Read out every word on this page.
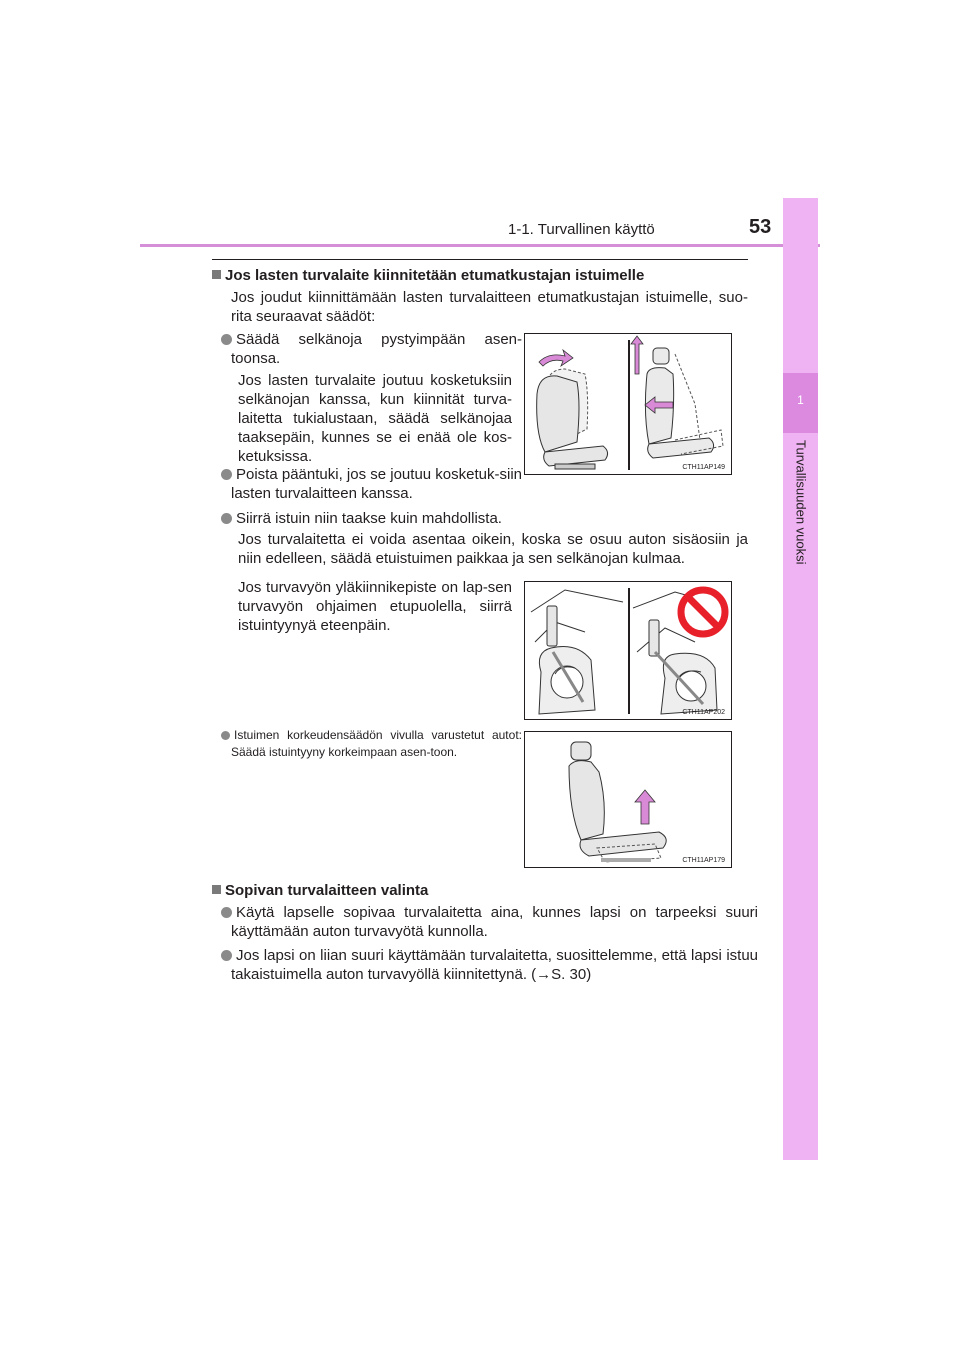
1-1. Turvallinen käyttö	53
1
Turvallisuuden vuoksi
Jos lasten turvalaite kiinnitetään etumatkustajan istuimelle
Jos joudut kiinnittämään lasten turvalaitteen etumatkustajan istuimelle, suo-rita seuraavat säädöt:
Säädä selkänoja pystyimpään asen-toonsa.
Jos lasten turvalaite joutuu kosketuksiin selkänojan kanssa, kun kiinnität turva-laitetta tukialustaan, säädä selkänojaa taaksepäin, kunnes se ei enää ole kos-ketuksissa.
Poista pääntuki, jos se joutuu kosketuk-siin lasten turvalaitteen kanssa.
CTH11AP149
Siirrä istuin niin taakse kuin mahdollista.
Jos turvalaitetta ei voida asentaa oikein, koska se osuu auton sisäosiin ja niin edelleen, säädä etuistuimen paikkaa ja sen selkänojan kulmaa.
Jos turvavyön yläkiinnikepiste on lap-sen turvavyön ohjaimen etupuolella, siirrä istuintyynyä eteenpäin.
CTH11AP202
Istuimen korkeudensäädön vivulla varustetut autot: Säädä istuintyyny korkeimpaan asen-toon.
CTH11AP179
Sopivan turvalaitteen valinta
Käytä lapselle sopivaa turvalaitetta aina, kunnes lapsi on tarpeeksi suuri käyttämään auton turvavyötä kunnolla.
Jos lapsi on liian suuri käyttämään turvalaitetta, suosittelemme, että lapsi istuu takaistuimella auton turvavyöllä kiinnitettynä. (→S. 30)
